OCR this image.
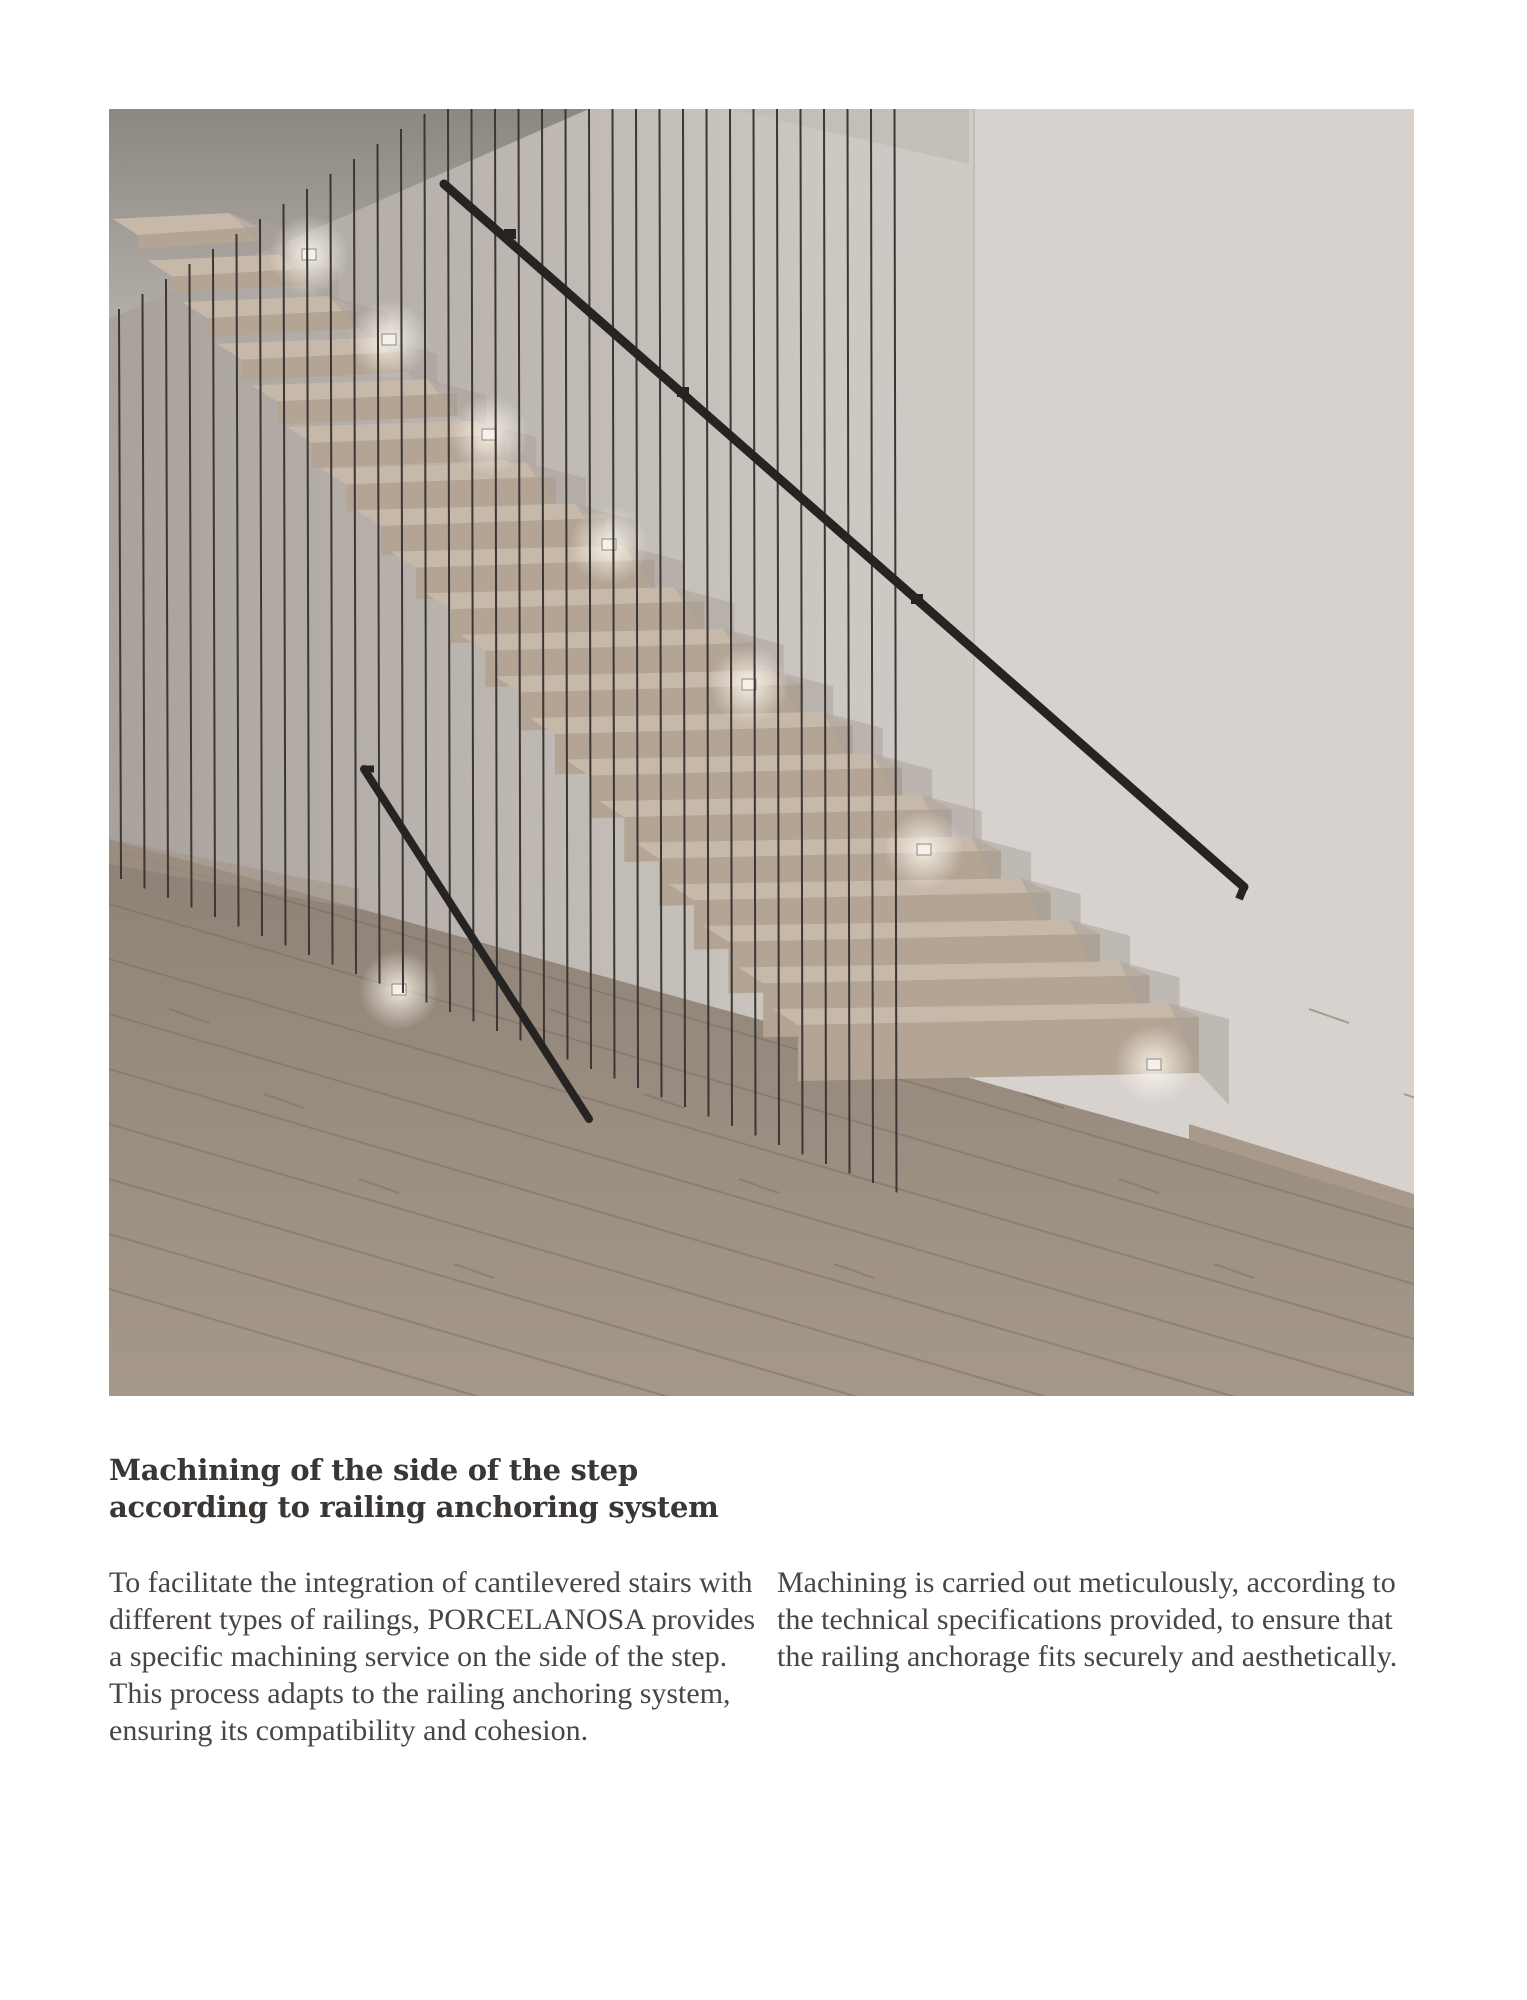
Machining of the side of the step
according to railing anchoring system

To facilitate the integration of cantilevered stairs with different types of railings, PORCELANOSA provides a specific machining service on the side of the step. This process adapts to the railing anchoring system, ensuring its compatibility and cohesion.

Machining is carried out meticulously, according to the technical specifications provided, to ensure that the railing anchorage fits securely and aesthetically.
